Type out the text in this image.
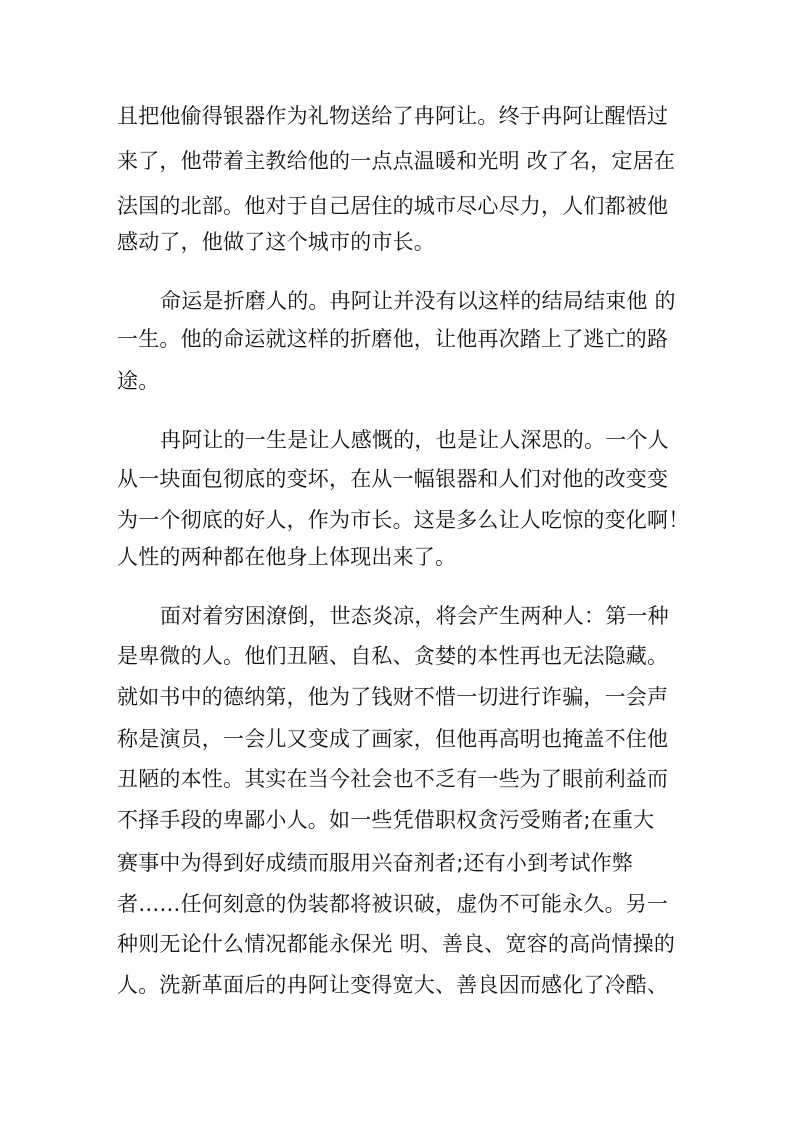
且把他偷得银器作为礼物送给了冉阿让。终于冉阿让醒悟过
来了，他带着主教给他的一点点温暖和光明 改了名，定居在
法国的北部。他对于自己居住的城市尽心尽力，人们都被他
感动了，他做了这个城市的市长。
命运是折磨人的。冉阿让并没有以这样的结局结束他 的
一生。他的命运就这样的折磨他，让他再次踏上了逃亡的路
途。
冉阿让的一生是让人感慨的，也是让人深思的。一个人
从一块面包彻底的变坏，在从一幅银器和人们对他的改变变
为一个彻底的好人，作为市长。这是多么让人吃惊的变化啊！
人性的两种都在他身上体现出来了。
面对着穷困潦倒，世态炎凉，将会产生两种人：第一种
是卑微的人。他们丑陋、自私、贪婪的本性再也无法隐藏。
就如书中的德纳第，他为了钱财不惜一切进行诈骗，一会声
称是演员，一会儿又变成了画家，但他再高明也掩盖不住他
丑陋的本性。其实在当今社会也不乏有一些为了眼前利益而
不择手段的卑鄙小人。如一些凭借职权贪污受贿者;在重大
赛事中为得到好成绩而服用兴奋剂者;还有小到考试作弊
者……任何刻意的伪装都将被识破，虚伪不可能永久。另一
种则无论什么情况都能永保光 明、善良、宽容的高尚情操的
人。洗新革面后的冉阿让变得宽大、善良因而感化了冷酷、
